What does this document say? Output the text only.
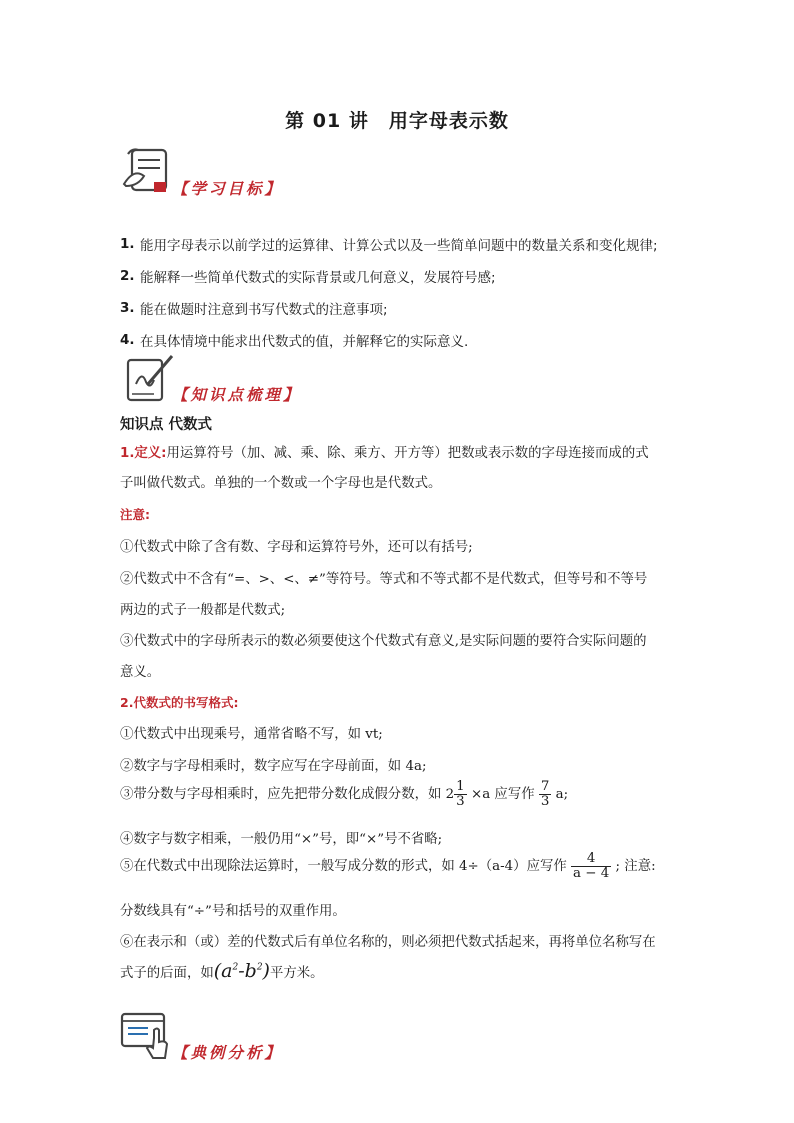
第 01 讲　用字母表示数
【学习目标】
1. 能用字母表示以前学过的运算律、计算公式以及一些简单问题中的数量关系和变化规律;
2. 能解释一些简单代数式的实际背景或几何意义，发展符号感;
3. 能在做题时注意到书写代数式的注意事项;
4. 在具体情境中能求出代数式的值，并解释它的实际意义.
【知识点梳理】
知识点 代数式
1.定义:用运算符号（加、减、乘、除、乘方、开方等）把数或表示数的字母连接而成的式
子叫做代数式。单独的一个数或一个字母也是代数式。
注意:
①代数式中除了含有数、字母和运算符号外，还可以有括号;
②代数式中不含有“=、>、<、≠”等符号。等式和不等式都不是代数式，但等号和不等号
两边的式子一般都是代数式;
③代数式中的字母所表示的数必须要使这个代数式有意义,是实际问题的要符合实际问题的
意义。
2.代数式的书写格式:
①代数式中出现乘号，通常省略不写，如 vt;
②数字与字母相乘时，数字应写在字母前面，如 4a;
③带分数与字母相乘时，应先把带分数化成假分数，如 $2 \frac{1}{3} \times a$ 应写作 $\frac{7}{3} a$;
④数字与数字相乘，一般仍用“×”号，即“×”号不省略;
⑤在代数式中出现除法运算时，一般写成分数的形式，如 4÷（a-4）应写作 $\frac{4}{a - 4}$ ; 注意:
分数线具有“÷”号和括号的双重作用。
⑥在表示和（或）差的代数式后有单位名称的，则必须把代数式括起来，再将单位名称写在
式子的后面，如$(a^2-b^2)$平方米。
【典例分析】
